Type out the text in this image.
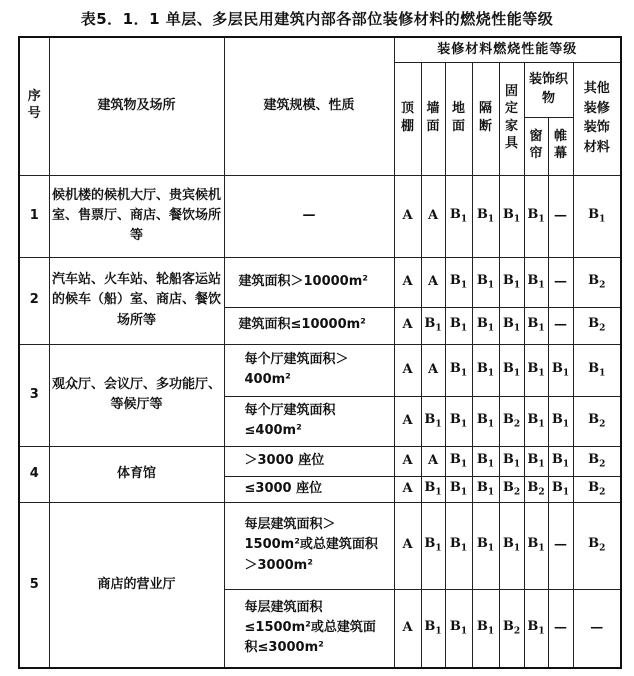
表5．1．1 单层、多层民用建筑内部各部位装修材料的燃烧性能等级
序号	建筑物及场所	建筑规模、性质	装修材料燃烧性能等级							
			顶棚	墙面	地面	隔断	固定家具	装饰织物		其他装修装饰材料
								窗帘	帷幕	
1	候机楼的候机大厅、贵宾候机室、售票厅、商店、餐饮场所等	—	A	A	$B_1$	$B_1$	$B_1$	$B_1$	—	$B_1$
2	汽车站、火车站、轮船客运站的候车（船）室、商店、餐饮场所等	建筑面积＞10000m²	A	A	$B_1$	$B_1$	$B_1$	$B_1$	—	$B_2$

		建筑面积≤10000m²	A	$B_1$	$B_1$	$B_1$	$B_1$	$B_1$	—	$B_2$
3	观众厅、会议厅、多功能厅、等候厅等	每个厅建筑面积＞400m²	A	A	$B_1$	$B_1$	$B_1$	$B_1$	$B_1$	$B_1$

		每个厅建筑面积≤400m²	A	$B_1$	$B_1$	$B_1$	$B_2$	$B_1$	$B_1$	$B_2$
4	体育馆	＞3000 座位	A	A	$B_1$	$B_1$	$B_1$	$B_1$	$B_1$	$B_2$

		≤3000 座位	A	$B_1$	$B_1$	$B_1$	$B_2$	$B_2$	$B_1$	$B_2$
5	商店的营业厅	每层建筑面积＞1500m²或总建筑面积＞3000m²	A	$B_1$	$B_1$	$B_1$	$B_1$	$B_1$	—	$B_2$

		每层建筑面积≤1500m²或总建筑面积≤3000m²	A	$B_1$	$B_1$	$B_1$	$B_2$	$B_1$	—	—
